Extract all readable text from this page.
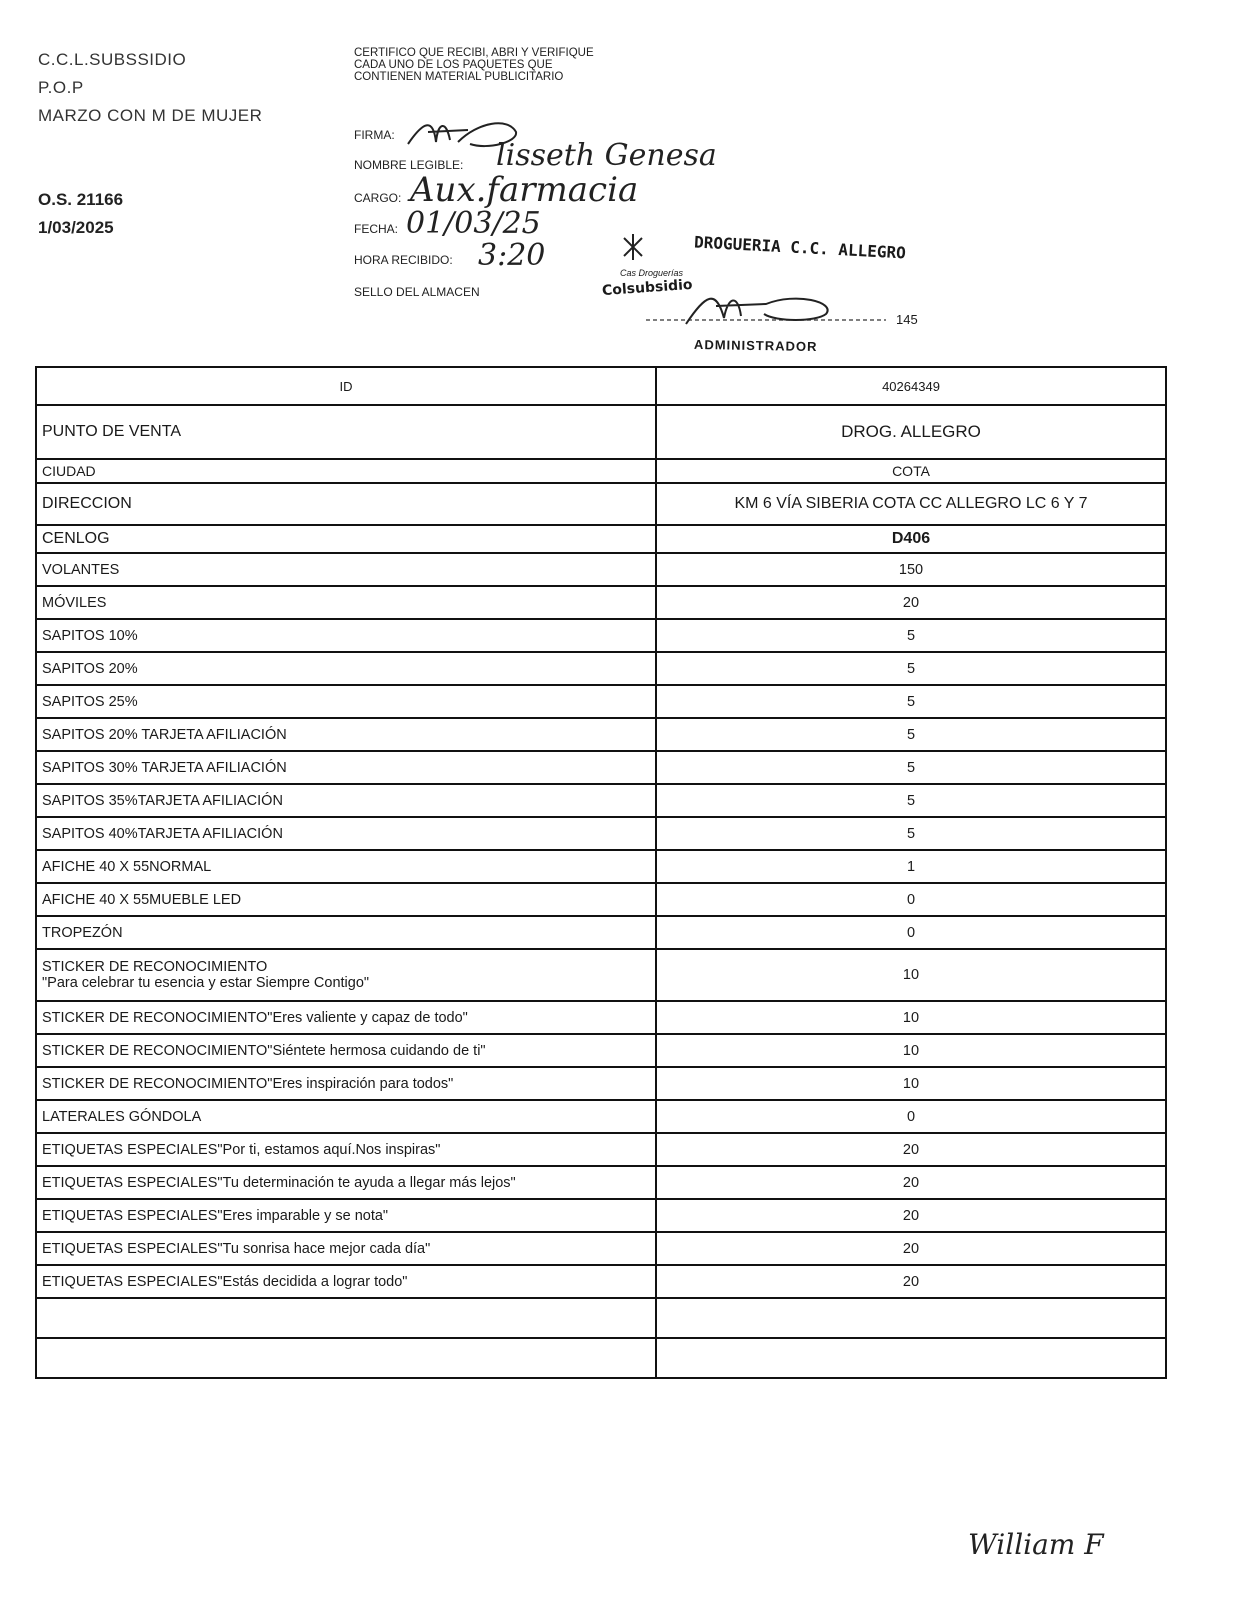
C.C.L.SUBSSIDIO
P.O.P
MARZO CON M DE MUJER
O.S. 21166
1/03/2025
CERTIFICO QUE RECIBI, ABRI Y VERIFIQUE CADA UNO DE LOS PAQUETES QUE CONTIENEN MATERIAL PUBLICITARIO
FIRMA:
NOMBRE LEGIBLE: lisseth Genesa
CARGO: Aux.farmacia
FECHA: 01/03/25
HORA RECIBIDO: 3:20
SELLO DEL ALMACEN
DROGUERIA C.C. ALLEGRO
Cas Droguerías
Colsubsidio
145
ADMINISTRADOR
ID	40264349
PUNTO DE VENTA	DROG. ALLEGRO
CIUDAD	COTA
DIRECCION	KM 6 VÍA SIBERIA COTA CC ALLEGRO LC 6 Y 7
CENLOG	D406
VOLANTES	150
MÓVILES	20
SAPITOS 10%	5
SAPITOS 20%	5
SAPITOS 25%	5
SAPITOS 20% TARJETA AFILIACIÓN	5
SAPITOS 30% TARJETA AFILIACIÓN	5
SAPITOS 35%TARJETA AFILIACIÓN	5
SAPITOS 40%TARJETA AFILIACIÓN	5
AFICHE 40 X 55NORMAL	1
AFICHE 40 X 55MUEBLE LED	0
TROPEZÓN	0

STICKER DE RECONOCIMIENTO
"Para celebrar tu esencia y estar Siempre Contigo"	10
STICKER DE RECONOCIMIENTO"Eres valiente y capaz de todo"	10
STICKER DE RECONOCIMIENTO"Siéntete hermosa cuidando de ti"	10
STICKER DE RECONOCIMIENTO"Eres inspiración para todos"	10
LATERALES GÓNDOLA	0
ETIQUETAS ESPECIALES"Por ti, estamos aquí.Nos inspiras"	20
ETIQUETAS ESPECIALES"Tu determinación te ayuda a llegar más lejos"	20
ETIQUETAS ESPECIALES"Eres imparable y se nota"	20
ETIQUETAS ESPECIALES"Tu sonrisa hace mejor cada día"	20
ETIQUETAS ESPECIALES"Estás decidida a lograr todo"	20

William F
